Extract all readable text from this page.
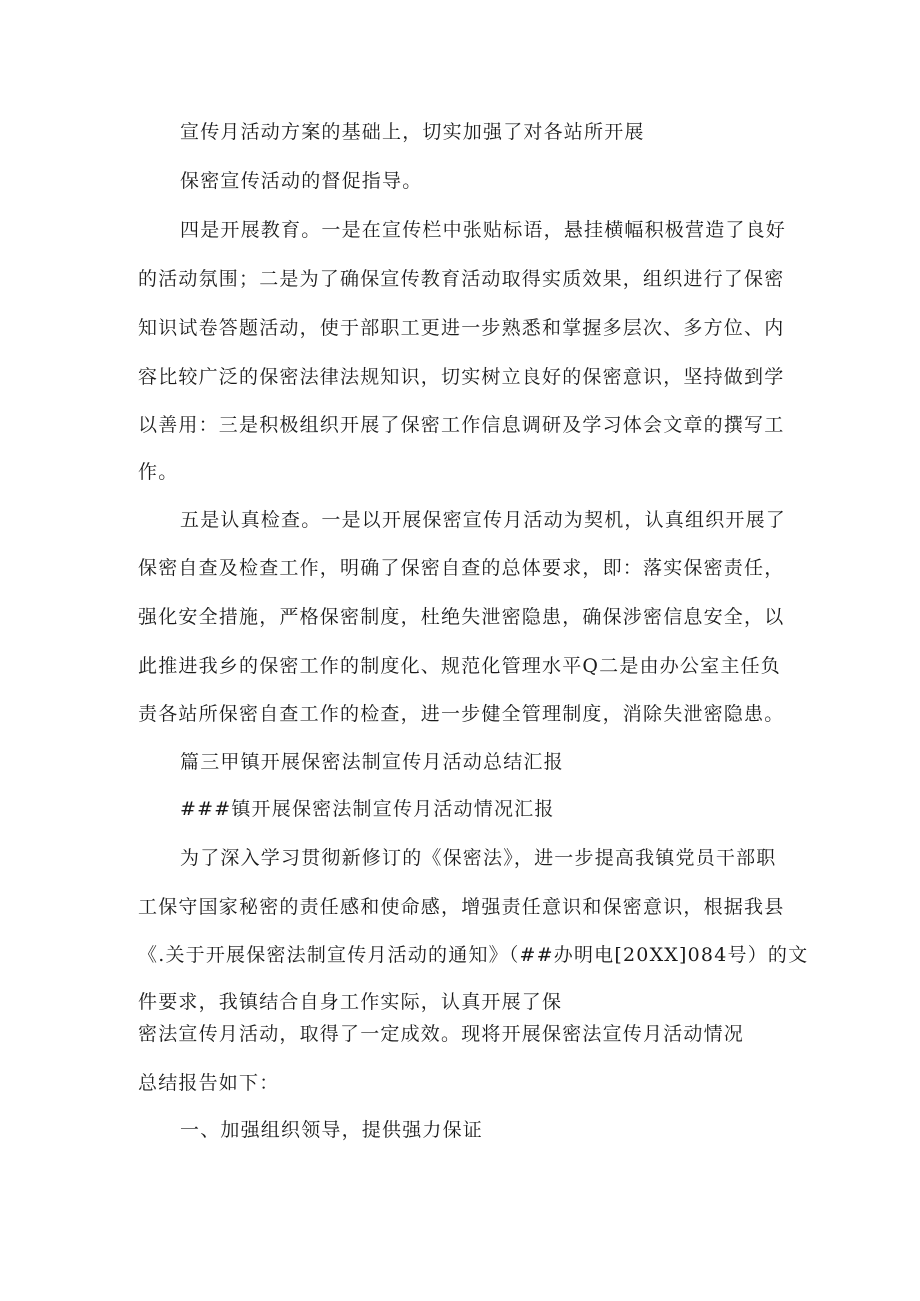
宣传月活动方案的基础上，切实加强了对各站所开展
保密宣传活动的督促指导。
四是开展教育。一是在宣传栏中张贴标语，悬挂横幅积极营造了良好
的活动氛围；二是为了确保宣传教育活动取得实质效果，组织进行了保密
知识试卷答题活动，使于部职工更进一步熟悉和掌握多层次、多方位、内
容比较广泛的保密法律法规知识，切实树立良好的保密意识，坚持做到学
以善用：三是积极组织开展了保密工作信息调研及学习体会文章的撰写工
作。
五是认真检查。一是以开展保密宣传月活动为契机，认真组织开展了
保密自查及检查工作，明确了保密自查的总体要求，即：落实保密责任，
强化安全措施，严格保密制度，杜绝失泄密隐患，确保涉密信息安全，以
此推进我乡的保密工作的制度化、规范化管理水平Q二是由办公室主任负
责各站所保密自查工作的检查，进一步健全管理制度，消除失泄密隐患。
篇三甲镇开展保密法制宣传月活动总结汇报
###镇开展保密法制宣传月活动情况汇报
为了深入学习贯彻新修订的《保密法》，进一步提高我镇党员干部职
工保守国家秘密的责任感和使命感，增强责任意识和保密意识，根据我县
《.关于开展保密法制宣传月活动的通知》（##办明电[20XX]084号）的文
件要求，我镇结合自身工作实际，认真开展了保
密法宣传月活动，取得了一定成效。现将开展保密法宣传月活动情况
总结报告如下：
一、加强组织领导，提供强力保证
